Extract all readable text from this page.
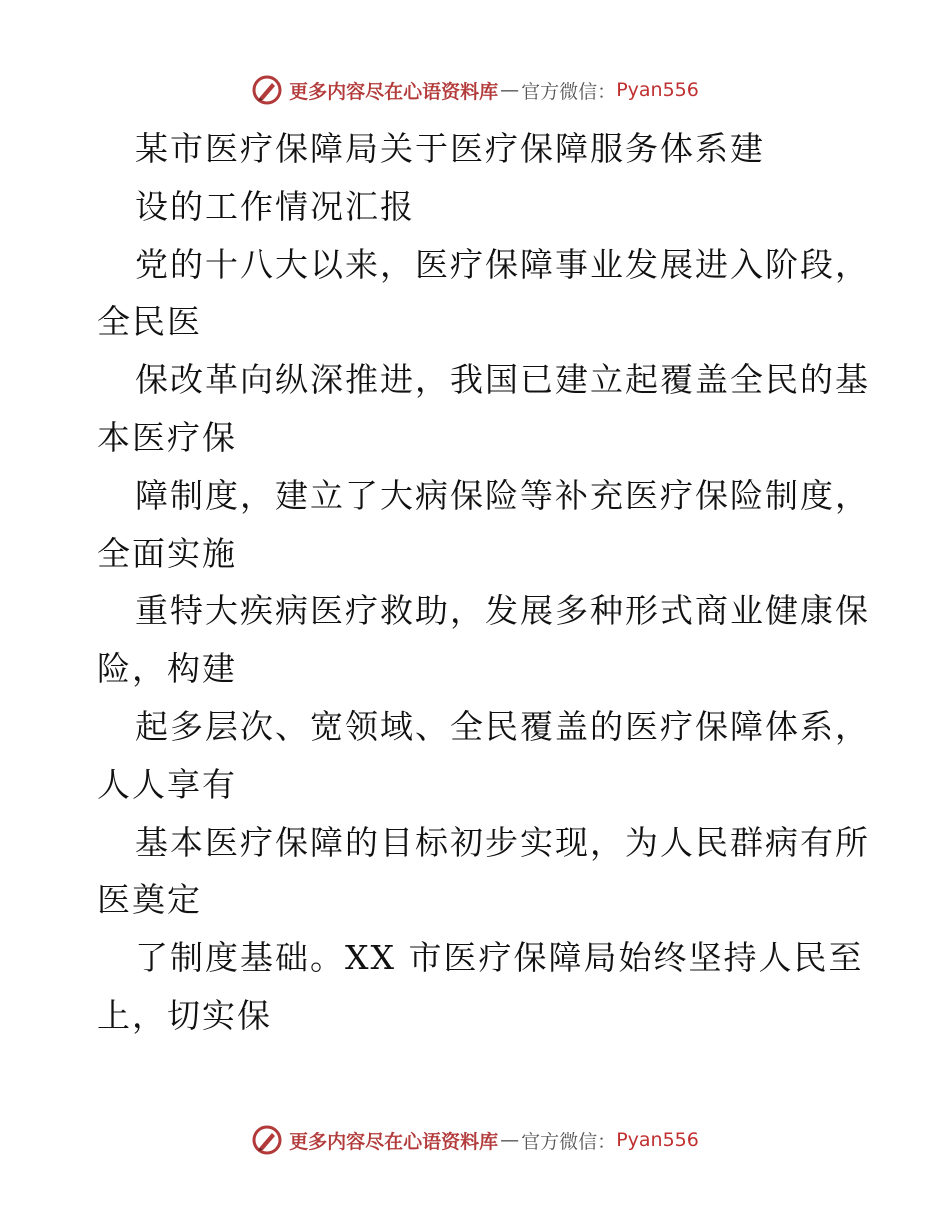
更多内容尽在心语资料库 — 官方微信： Pyan556
某市医疗保障局关于医疗保障服务体系建
设的工作情况汇报
党的十八大以来，医疗保障事业发展进入阶段，
全民医
保改革向纵深推进，我国已建立起覆盖全民的基
本医疗保
障制度，建立了大病保险等补充医疗保险制度，
全面实施
重特大疾病医疗救助，发展多种形式商业健康保
险，构建
起多层次、宽领域、全民覆盖的医疗保障体系，
人人享有
基本医疗保障的目标初步实现，为人民群病有所
医奠定
了制度基础。XX 市医疗保障局始终坚持人民至
上，切实保
更多内容尽在心语资料库 — 官方微信： Pyan556
